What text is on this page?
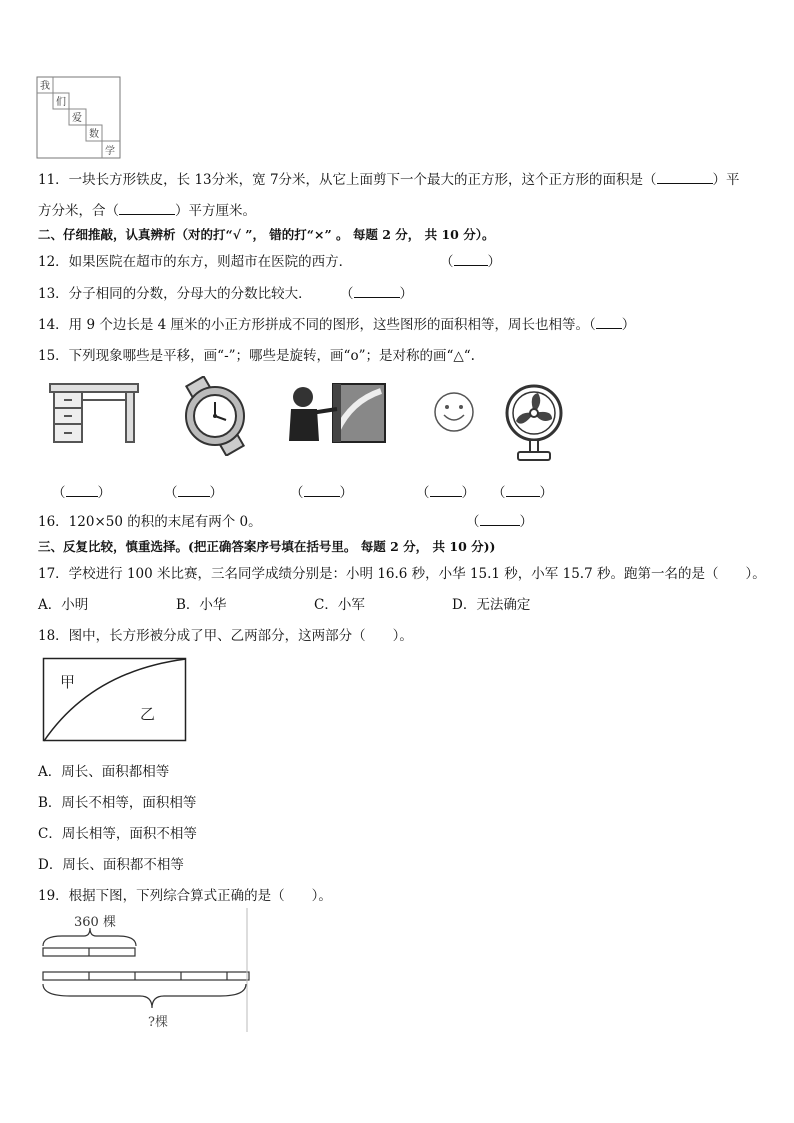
我
们
爱
数
学
11．一块长方形铁皮，长 13分米，宽 7分米，从它上面剪下一个最大的正方形，这个正方形的面积是（	）平
方分米，合（	）平方厘米。
二、仔细推敲，认真辨析（对的打“√ ”， 错的打“×” 。 每题 2 分， 共 10 分）。
12．如果医院在超市的东方，则超市在医院的西方．	（	）
13．分子相同的分数，分母大的分数比较大． （	）
14．用 9 个边长是 4 厘米的小正方形拼成不同的图形，这些图形的面积相等，周长也相等。（ ）
15．下列现象哪些是平移，画“-”；哪些是旋转，画“o”；是对称的画“△“.
（ ）	（ ）	（	）	（ ） （	）
16．120×50 的积的末尾有两个 0。	（	）
三、反复比较，慎重选择。(把正确答案序号填在括号里。 每题 2 分， 共 10 分))
17．学校进行 100 米比赛，三名同学成绩分别是：小明 16.6 秒，小华 15.1 秒，小军 15.7 秒。跑第一名的是（　　）。
A．小明	B．小华	C．小军	D．无法确定
18．图中，长方形被分成了甲、乙两部分，这两部分（　　）。
甲
乙
A．周长、面积都相等
B．周长不相等，面积相等
C．周长相等，面积不相等
D．周长、面积都不相等
19．根据下图，下列综合算式正确的是（　　）。
360 棵
?棵
